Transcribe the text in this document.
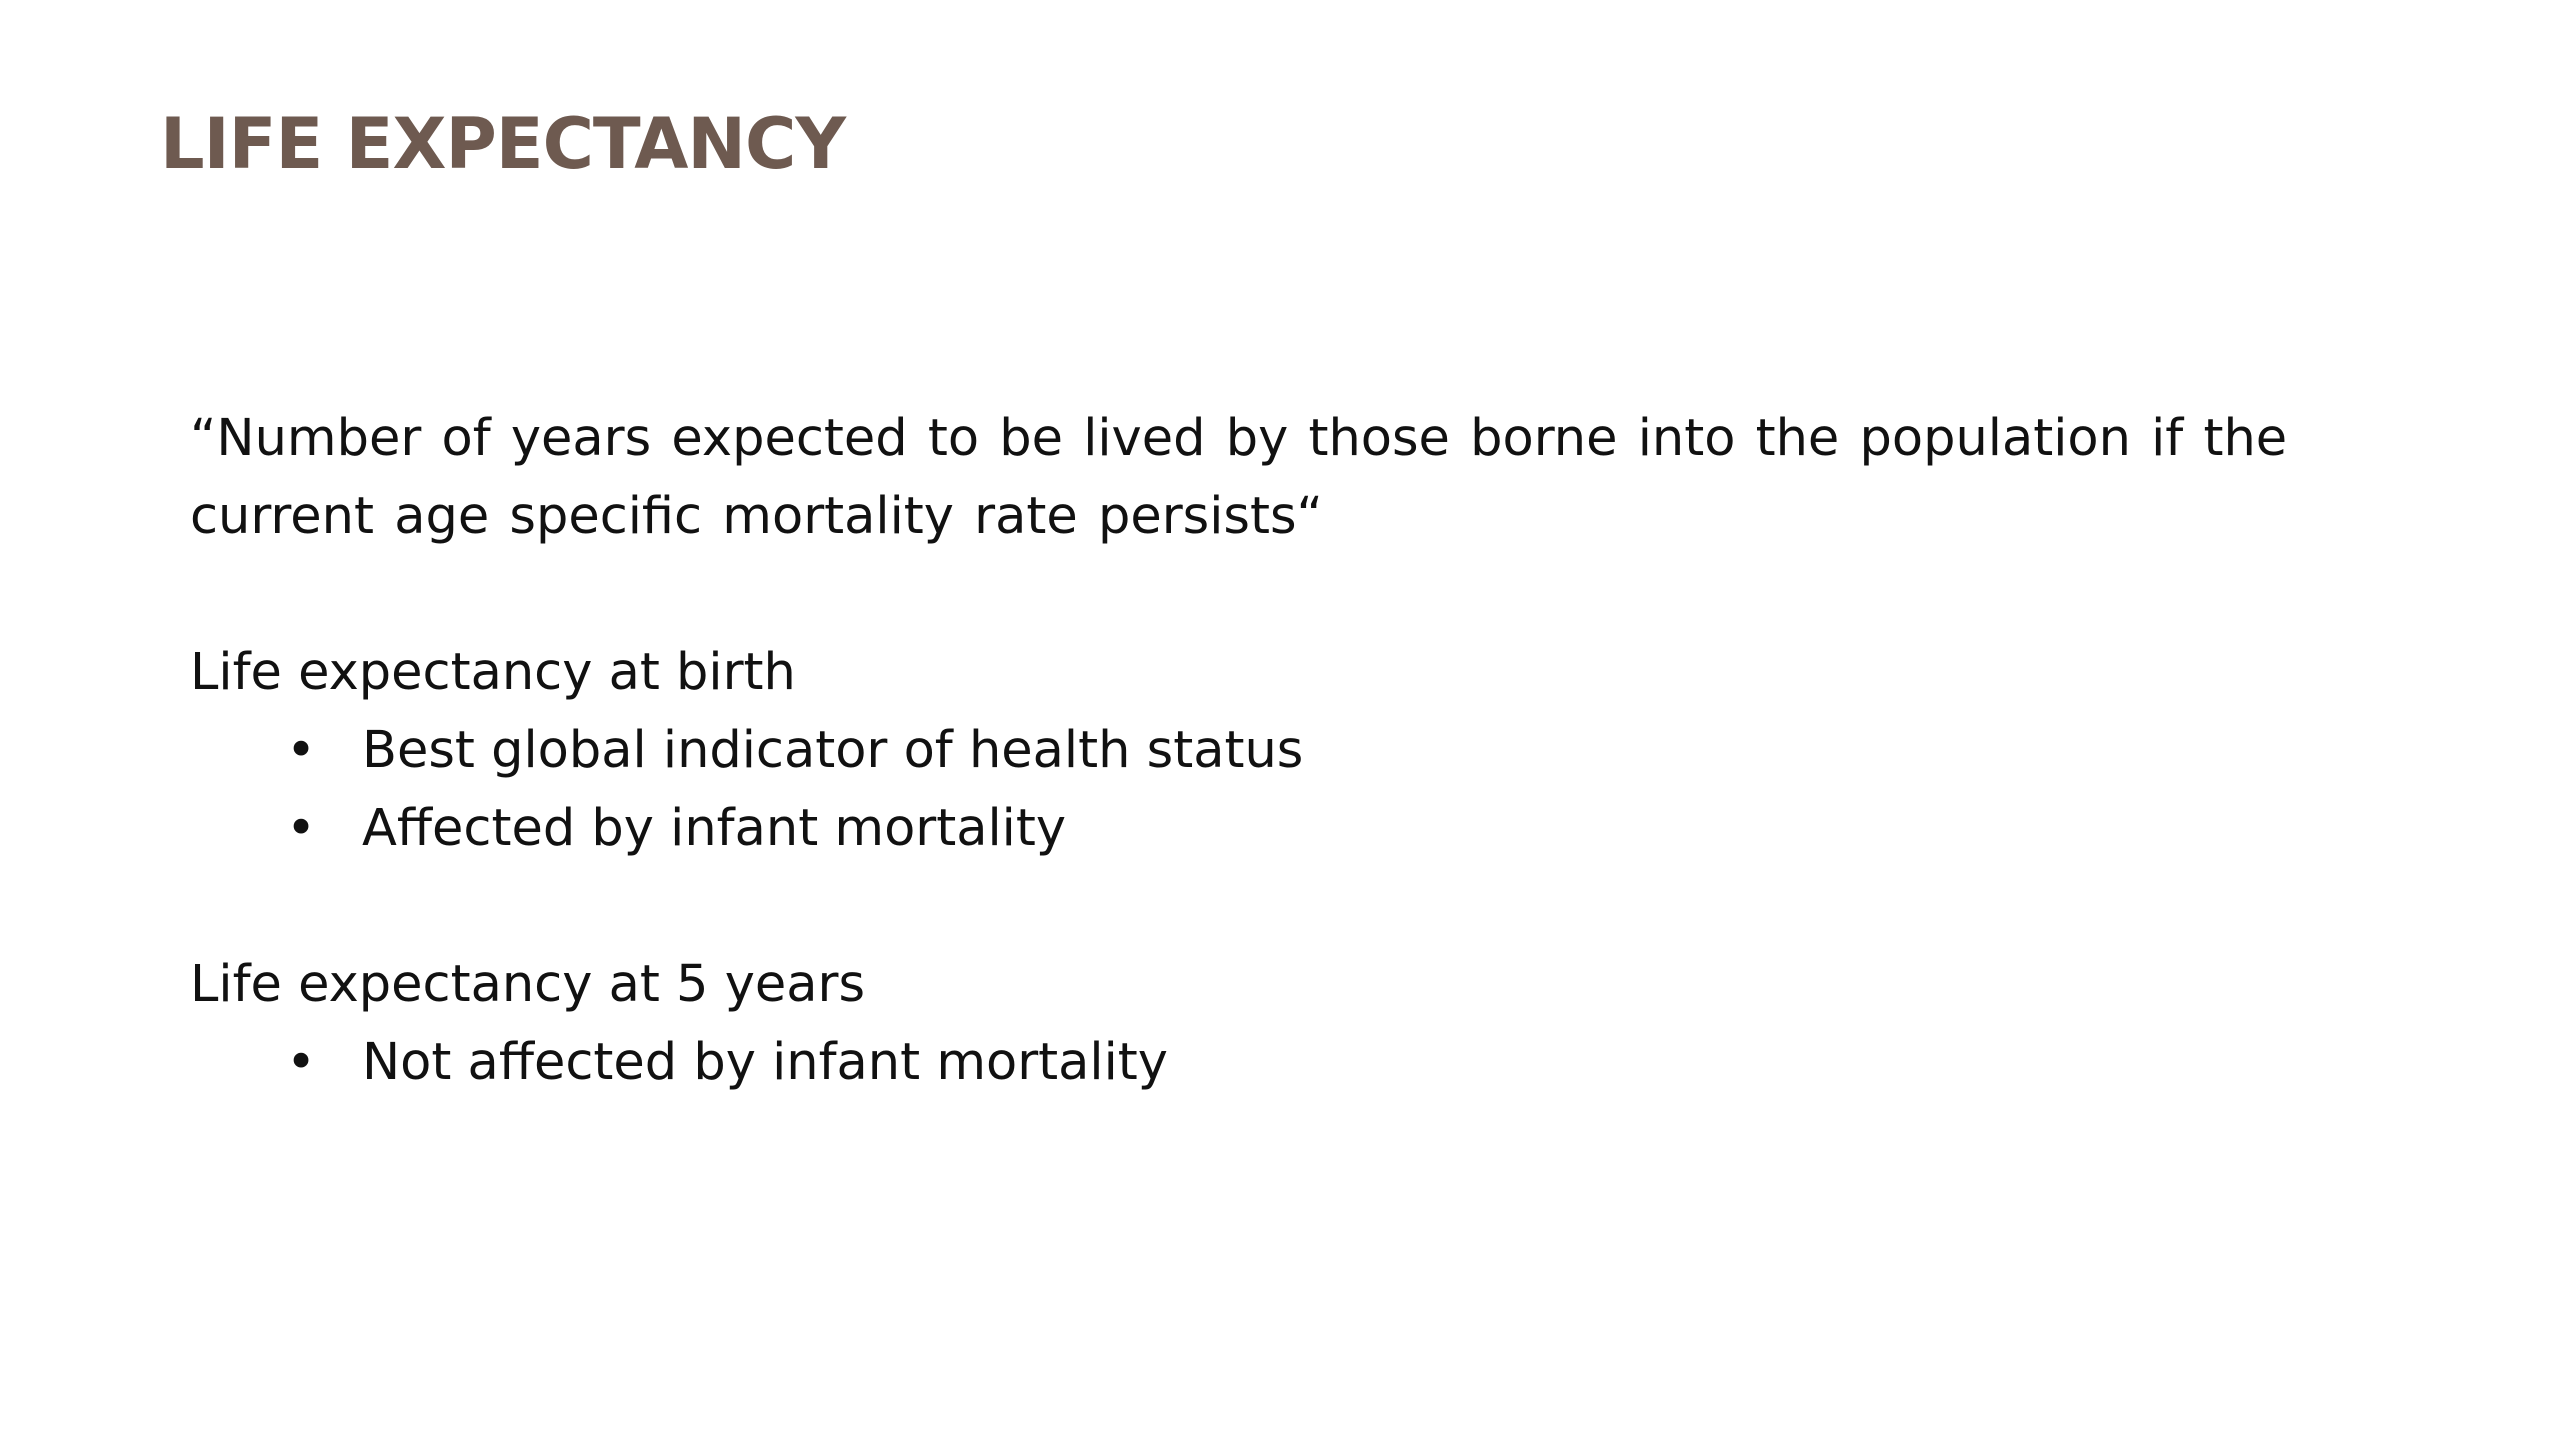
LIFE EXPECTANCY

“Number of years expected to be lived by those borne into the population if the current age specific mortality rate persists“

Life expectancy at birth

• Best global indicator of health status
• Affected by infant mortality

Life expectancy at 5 years

• Not affected by infant mortality
